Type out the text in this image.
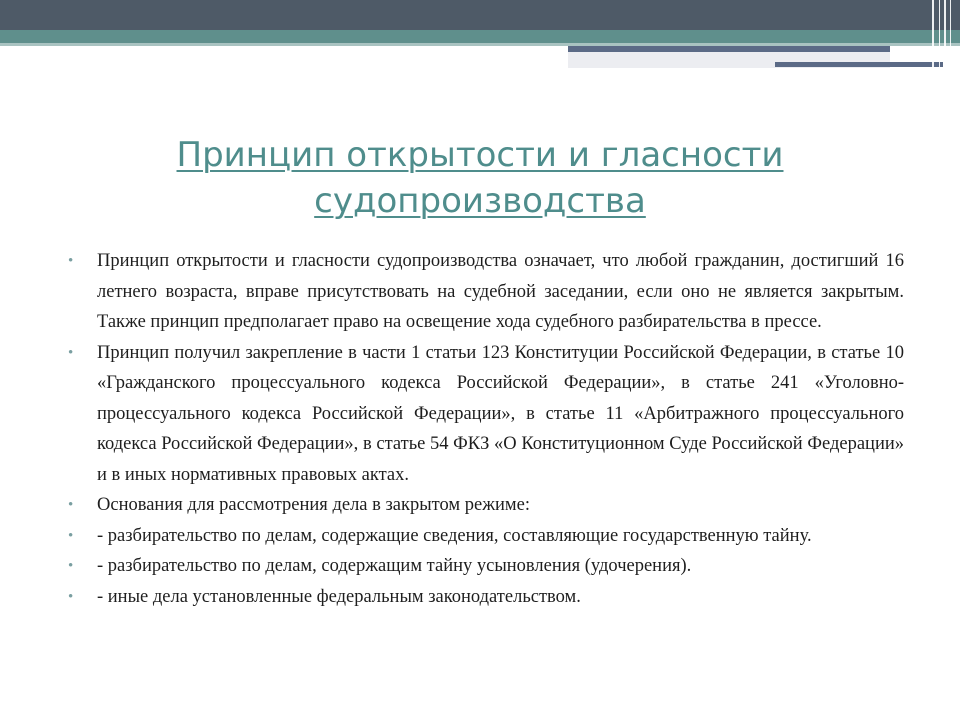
Принцип открытости и гласности судопроизводства
• Принцип открытости и гласности судопроизводства означает, что любой гражданин, достигший 16 летнего возраста, вправе присутствовать на судебной заседании, если оно не является закрытым. Также принцип предполагает право на освещение хода судебного разбирательства в прессе.
• Принцип получил закрепление в части 1 статьи 123 Конституции Российской Федерации, в статье 10 «Гражданского процессуального кодекса Российской Федерации», в статье 241 «Уголовно-процессуального кодекса Российской Федерации», в статье 11 «Арбитражного процессуального кодекса Российской Федерации», в статье 54 ФКЗ «О Конституционном Суде Российской Федерации» и в иных нормативных правовых актах.
• Основания для рассмотрения дела в закрытом режиме:
• - разбирательство по делам, содержащие сведения, составляющие государственную тайну.
• - разбирательство по делам, содержащим тайну усыновления (удочерения).
• - иные дела установленные федеральным законодательством.
